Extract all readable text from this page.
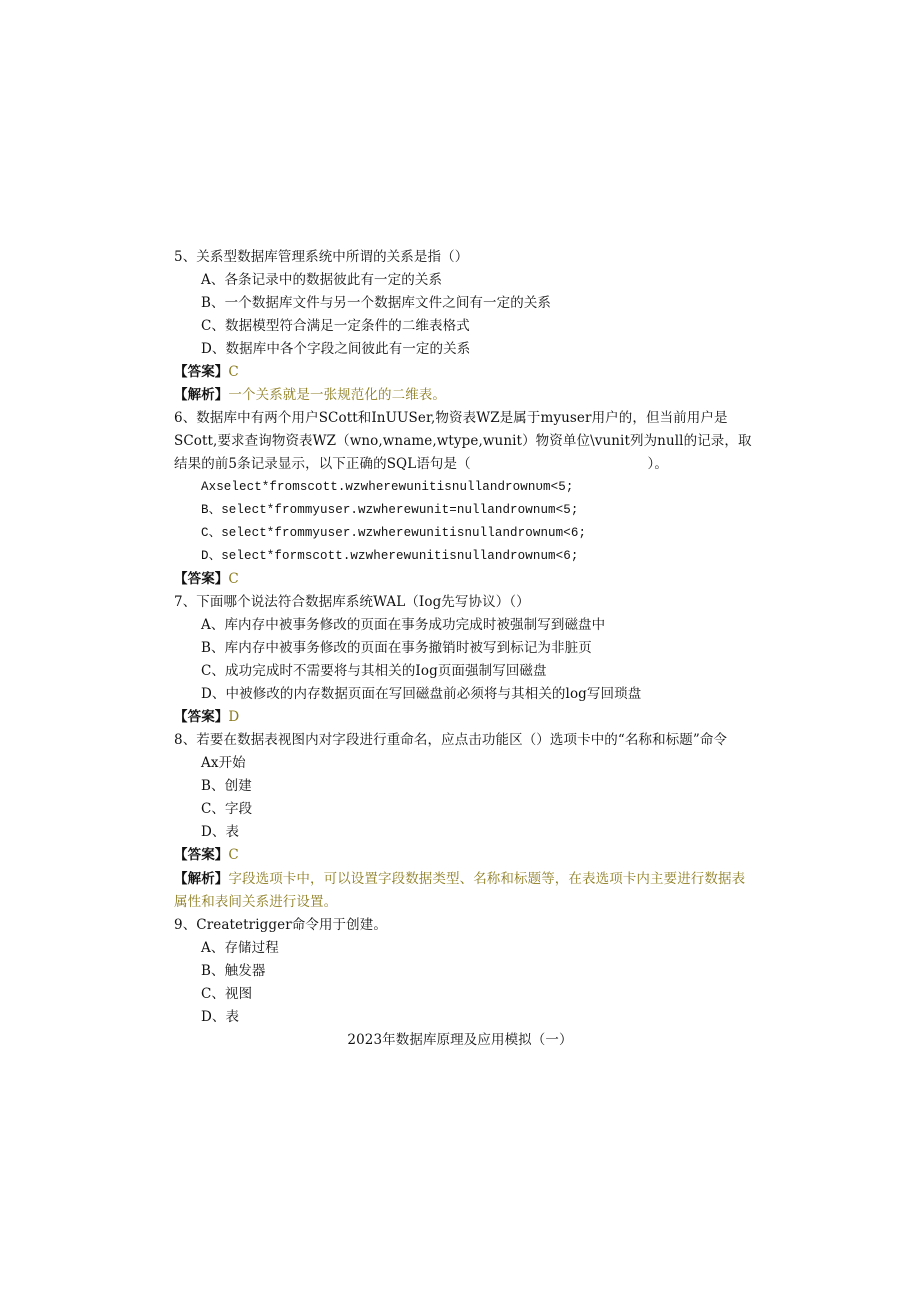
5、关系型数据库管理系统中所谓的关系是指（）
A、各条记录中的数据彼此有一定的关系
B、一个数据库文件与另一个数据库文件之间有一定的关系
C、数据模型符合满足一定条件的二维表格式
D、数据库中各个字段之间彼此有一定的关系
【答案】C
【解析】一个关系就是一张规范化的二维表。
6、数据库中有两个用户SCott和InUUSer,物资表WZ是属于myuser用户的，但当前用户是
SCott,要求查询物资表WZ（wno,wname,wtype,wunit）物资单位\vunit列为null的记录，取
结果的前5条记录显示，以下正确的SQL语句是（　　　　　　　　　　　　　）。
Axselect*fromscott.wzwherewunitisnullandrownυm<5;
B、select*frommyuser.wzwherewunit=nullandrownum<5;
C、select*frommyuser.wzwherewunitisnullandrownum<6;
D、select*formscott.wzwherewunitisnullandrownum<6;
【答案】C
7、下面哪个说法符合数据库系统WAL（Iog先写协议）（）
A、库内存中被事务修改的页面在事务成功完成时被强制写到磁盘中
B、库内存中被事务修改的页面在事务撤销时被写到标记为非脏页
C、成功完成时不需要将与其相关的Iog页面强制写回磁盘
D、中被修改的内存数据页面在写回磁盘前必须将与其相关的log写回琐盘
【答案】D
8、若要在数据表视图内对字段进行重命名，应点击功能区（）选项卡中的“名称和标题”命令
Ax开始
B、创建
C、字段
D、表
【答案】C
【解析】字段选项卡中，可以设置字段数据类型、名称和标题等，在表选项卡内主要进行数据表
属性和表间关系进行设置。
9、Createtrigger命令用于创建。
A、存储过程
B、触发器
C、视图
D、表
2023年数据库原理及应用模拟（一）
